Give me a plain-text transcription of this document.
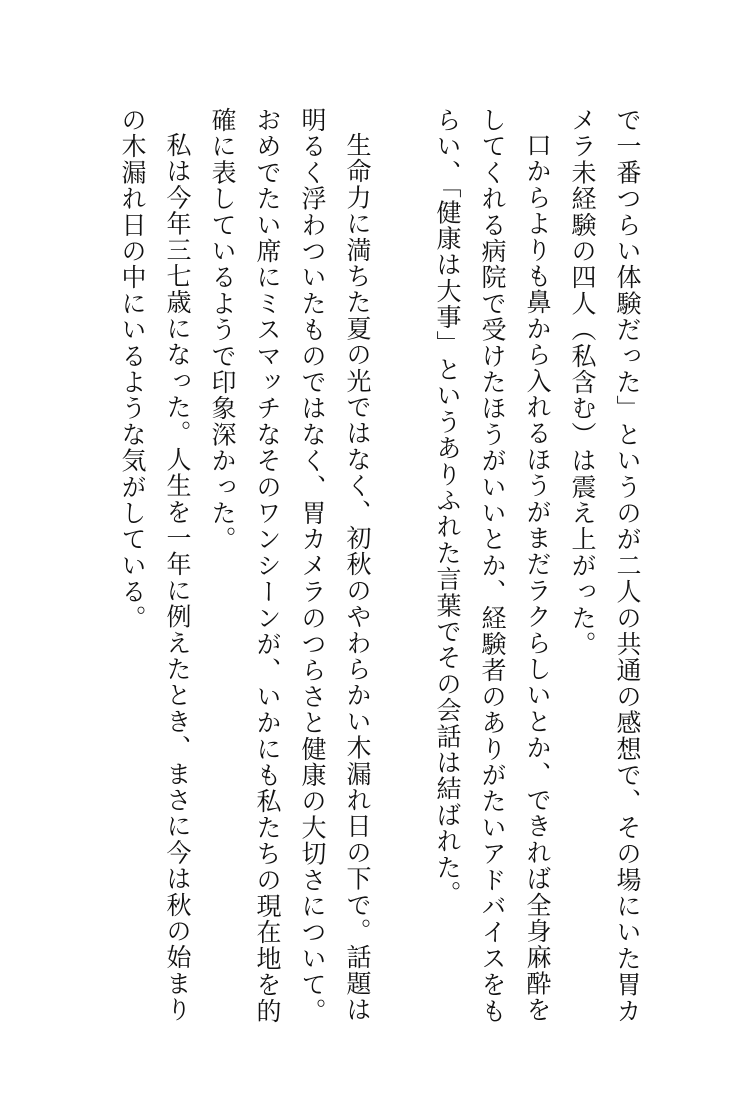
で一番つらい体験だった」というのが二人の共通の感想で、その場にいた胃カメラ未経験の四人（私含む）は震え上がった。

口からよりも鼻から入れるほうがまだラクらしいとか、できれば全身麻酔をしてくれる病院で受けたほうがいいとか、経験者のありがたいアドバイスをもらい、「健康は大事」というありふれた言葉でその会話は結ばれた。

生命力に満ちた夏の光ではなく、初秋のやわらかい木漏れ日の下で。話題は明るく浮わついたものではなく、胃カメラのつらさと健康の大切さについて。おめでたい席にミスマッチなそのワンシーンが、いかにも私たちの現在地を的確に表しているようで印象深かった。

私は今年三七歳になった。人生を一年に例えたとき、まさに今は秋の始まりの木漏れ日の中にいるような気がしている。
